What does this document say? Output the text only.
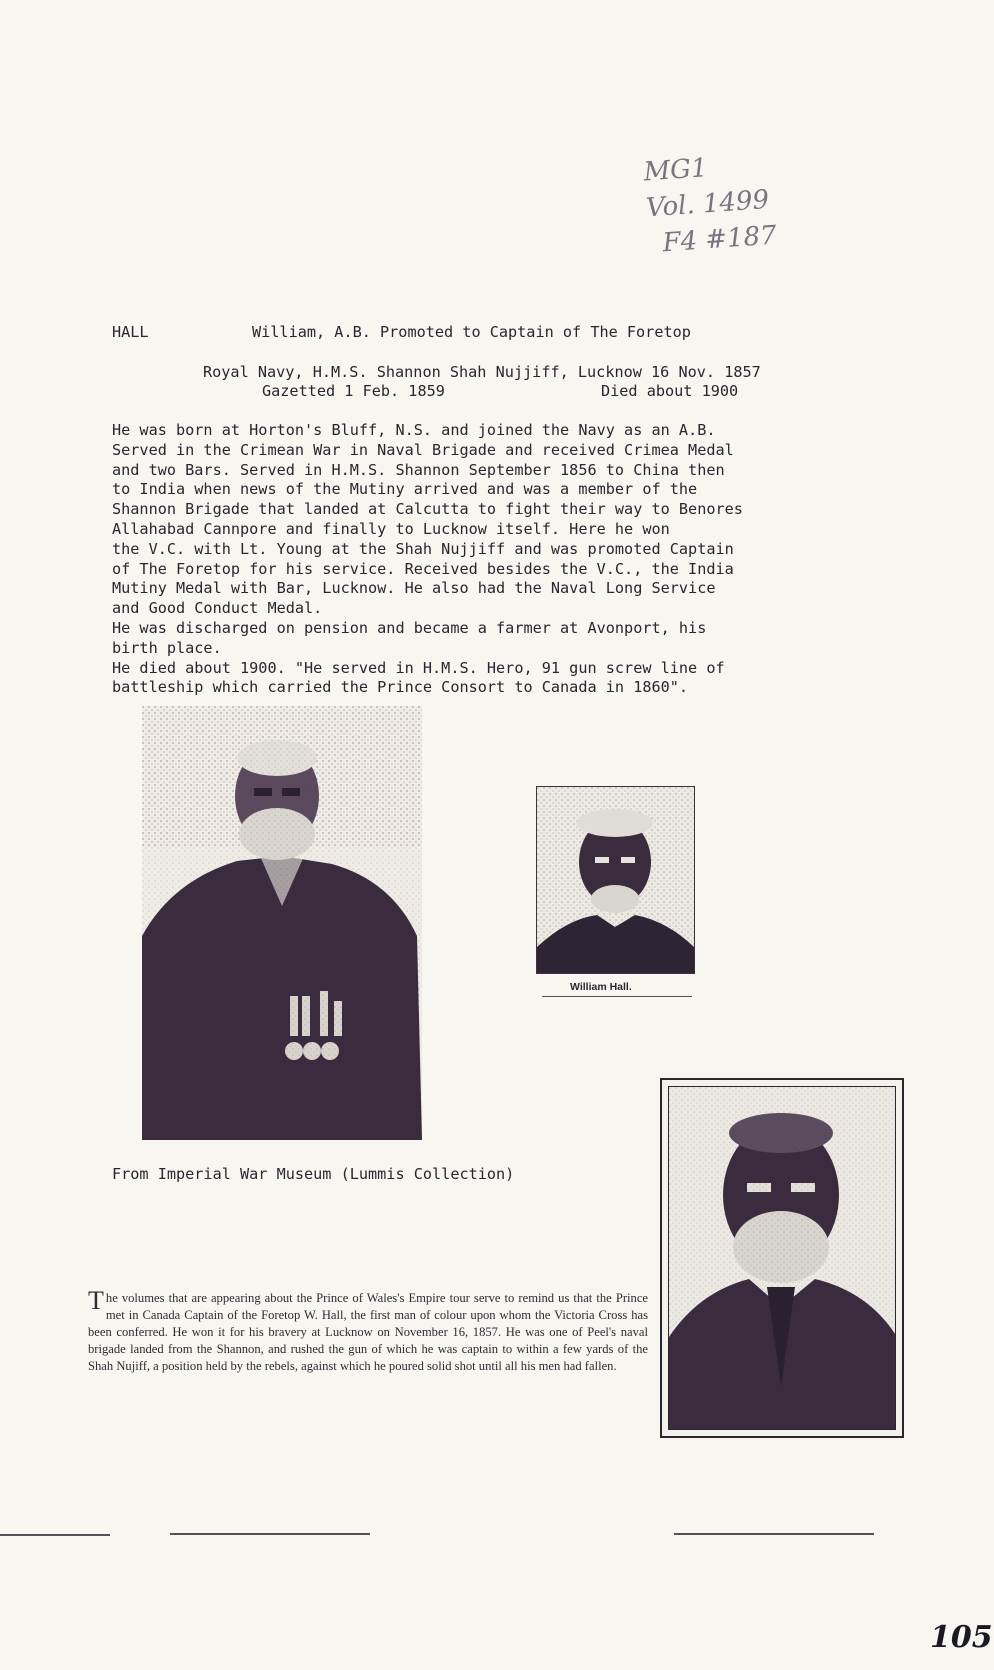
MG1
Vol. 1499
F4 #187
HALL	William, A.B. Promoted to Captain of The Foretop
Royal Navy, H.M.S. Shannon Shah Nujjiff, Lucknow 16 Nov. 1857
Gazetted 1 Feb. 1859	Died about 1900
He was born at Horton's Bluff, N.S. and joined the Navy as an A.B.
Served in the Crimean War in Naval Brigade and received Crimea Medal
and two Bars. Served in H.M.S. Shannon September 1856 to China then
to India when news of the Mutiny arrived and was a member of the
Shannon Brigade that landed at Calcutta to fight their way to Benores
Allahabad Cannpore and finally to Lucknow itself. Here he won
the V.C. with Lt. Young at the Shah Nujjiff and was promoted Captain
of The Foretop for his service. Received besides the V.C., the India
Mutiny Medal with Bar, Lucknow. He also had the Naval Long Service
and Good Conduct Medal.
He was discharged on pension and became a farmer at Avonport, his
birth place.
He died about 1900. "He served in H.M.S. Hero, 91 gun screw line of
battleship which carried the Prince Consort to Canada in 1860".
William Hall.
From Imperial War Museum (Lummis Collection)
The volumes that are appearing about the Prince of Wales's Empire tour serve to remind us that the Prince met in Canada Captain of the Foretop W. Hall, the first man of colour upon whom the Victoria Cross has been conferred. He won it for his bravery at Lucknow on November 16, 1857. He was one of Peel's naval brigade landed from the Shannon, and rushed the gun of which he was captain to within a few yards of the Shah Nujiff, a position held by the rebels, against which he poured solid shot until all his men had fallen.
105
